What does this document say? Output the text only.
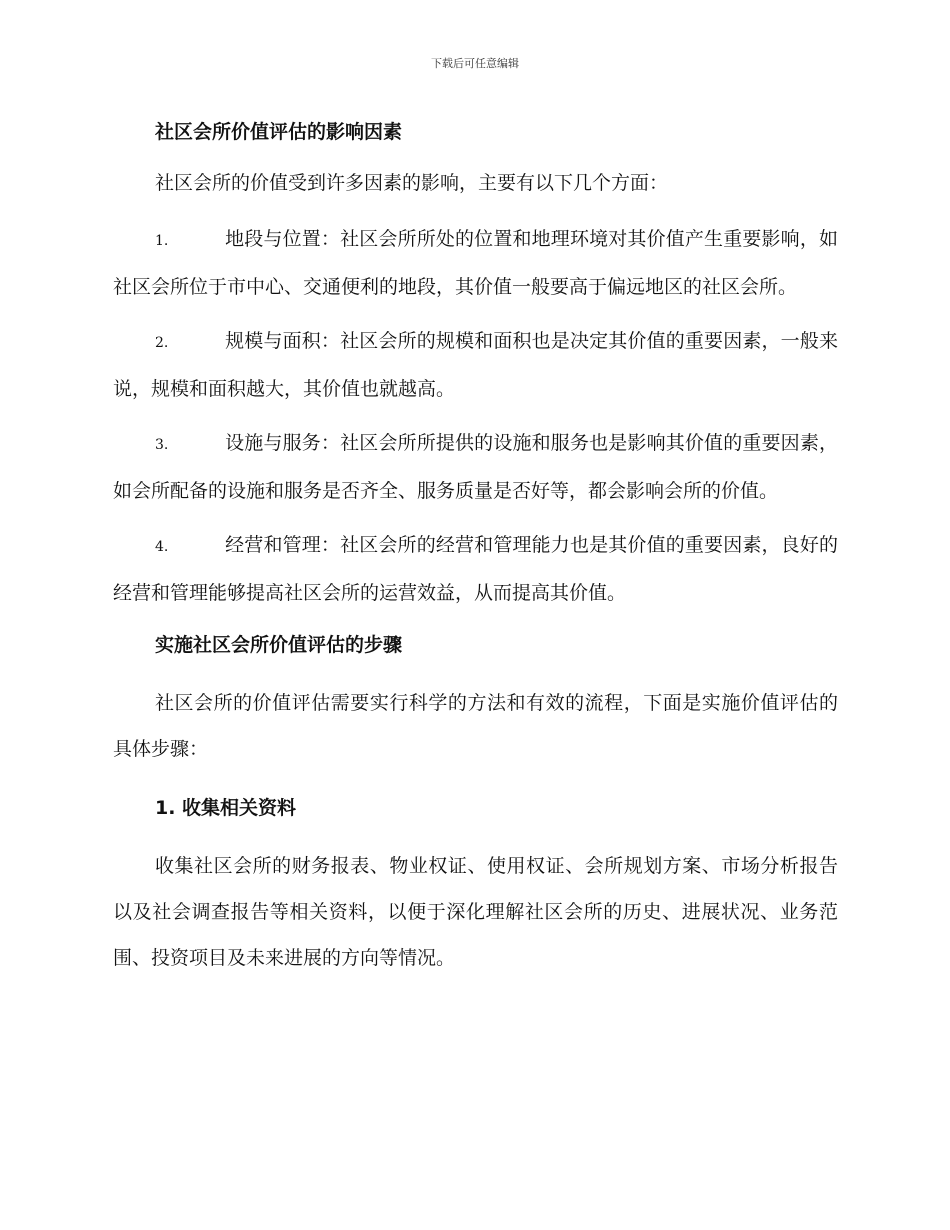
下载后可任意编辑
社区会所价值评估的影响因素

社区会所的价值受到许多因素的影响，主要有以下几个方面：

1.	地段与位置：社区会所所处的位置和地理环境对其价值产生重要影响，如社区会所位于市中心、交通便利的地段，其价值一般要高于偏远地区的社区会所。

2.	规模与面积：社区会所的规模和面积也是决定其价值的重要因素，一般来说，规模和面积越大，其价值也就越高。

3.	设施与服务：社区会所所提供的设施和服务也是影响其价值的重要因素，如会所配备的设施和服务是否齐全、服务质量是否好等，都会影响会所的价值。

4.	经营和管理：社区会所的经营和管理能力也是其价值的重要因素，良好的经营和管理能够提高社区会所的运营效益，从而提高其价值。

实施社区会所价值评估的步骤

社区会所的价值评估需要实行科学的方法和有效的流程，下面是实施价值评估的具体步骤：

1. 收集相关资料

收集社区会所的财务报表、物业权证、使用权证、会所规划方案、市场分析报告以及社会调查报告等相关资料，以便于深化理解社区会所的历史、进展状况、业务范围、投资项目及未来进展的方向等情况。
